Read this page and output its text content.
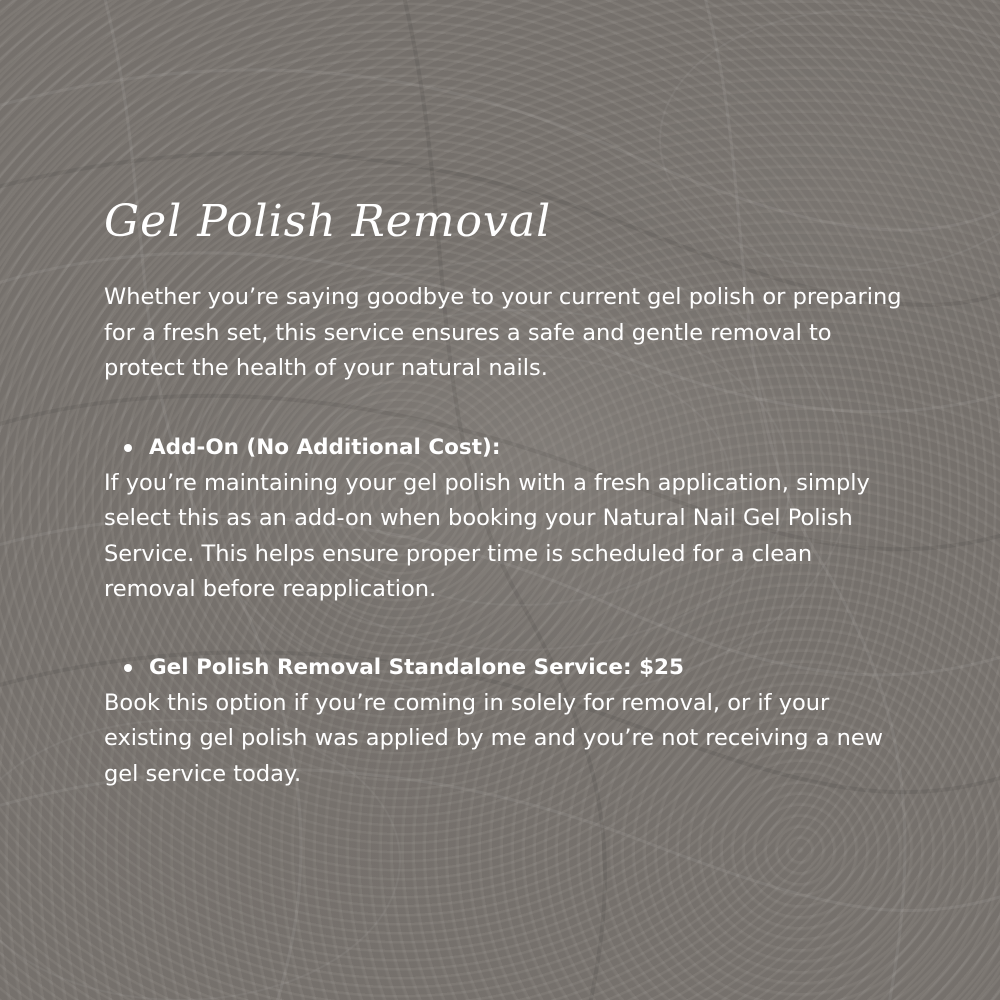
Gel Polish Removal

Whether you’re saying goodbye to your current gel polish or preparing for a fresh set, this service ensures a safe and gentle removal to protect the health of your natural nails.

Add-On (No Additional Cost):

If you’re maintaining your gel polish with a fresh application, simply select this as an add-on when booking your Natural Nail Gel Polish Service. This helps ensure proper time is scheduled for a clean removal before reapplication.

Gel Polish Removal Standalone Service: $25

Book this option if you’re coming in solely for removal, or if your existing gel polish was applied by me and you’re not receiving a new gel service today.
